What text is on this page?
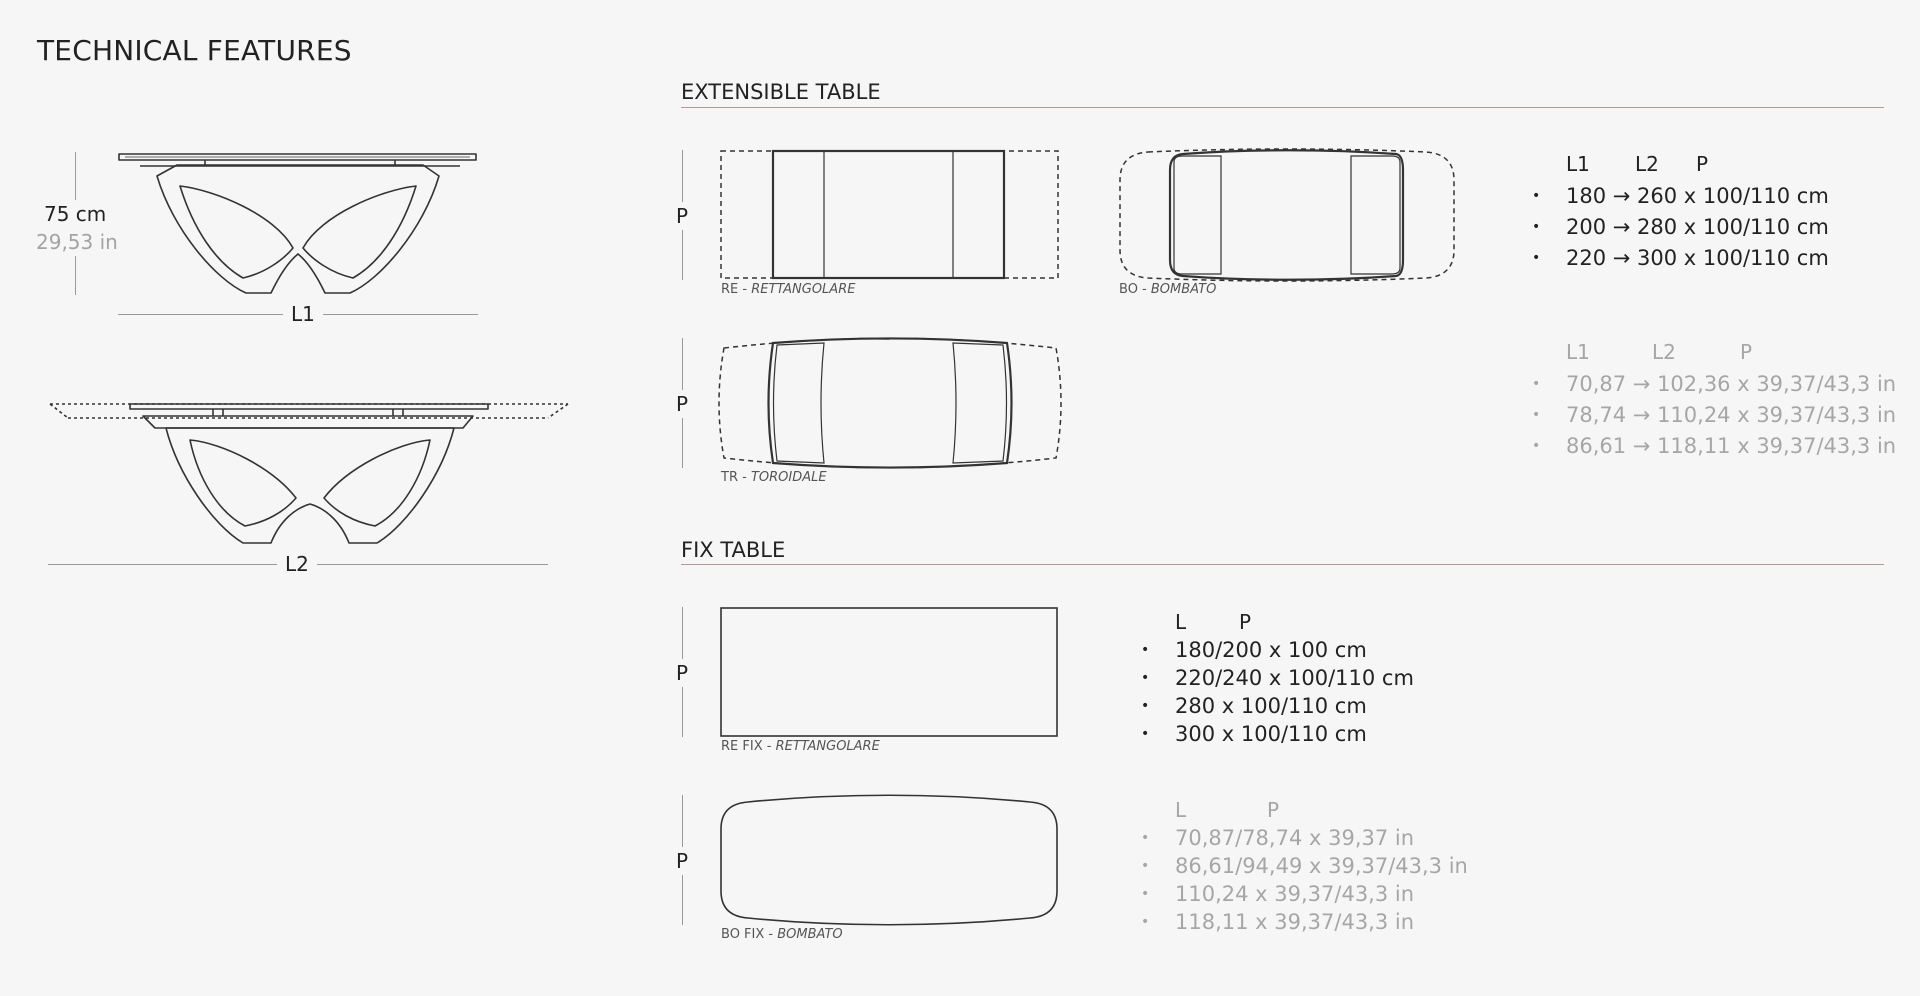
TECHNICAL FEATURES
75 cm
29,53 in
L1
L2
EXTENSIBLE TABLE
P
RE - RETTANGOLARE	BO - BOMBATO
P
TR - TOROIDALE
L1	L2	P
• 180 → 260 x 100/110 cm
• 200 → 280 x 100/110 cm
• 220 → 300 x 100/110 cm
L1	L2	P
• 70,87 → 102,36 x 39,37/43,3 in
• 78,74 → 110,24 x 39,37/43,3 in
• 86,61 → 118,11 x 39,37/43,3 in
FIX TABLE
P
RE FIX - RETTANGOLARE
P
BO FIX - BOMBATO
L	P
• 180/200 x 100 cm
• 220/240 x 100/110 cm
• 280 x 100/110 cm
• 300 x 100/110 cm
L	P
• 70,87/78,74 x 39,37 in
• 86,61/94,49 x 39,37/43,3 in
• 110,24 x 39,37/43,3 in
• 118,11 x 39,37/43,3 in
